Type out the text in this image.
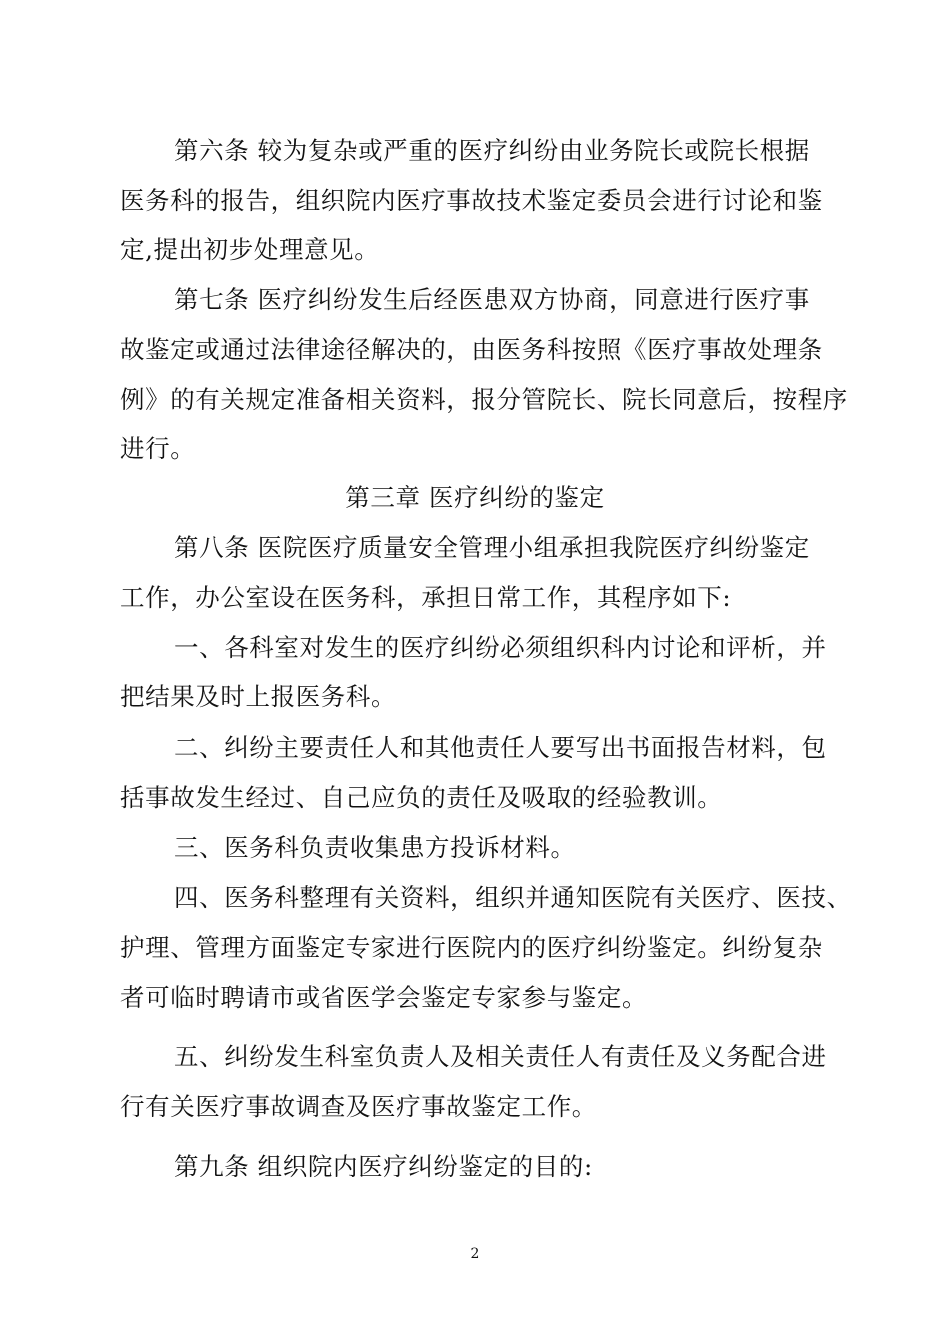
第六条 较为复杂或严重的医疗纠纷由业务院长或院长根据
医务科的报告，组织院内医疗事故技术鉴定委员会进行讨论和鉴
定,提出初步处理意见。
第七条 医疗纠纷发生后经医患双方协商，同意进行医疗事
故鉴定或通过法律途径解决的，由医务科按照《医疗事故处理条
例》的有关规定准备相关资料，报分管院长、院长同意后，按程序
进行。
第三章 医疗纠纷的鉴定
第八条 医院医疗质量安全管理小组承担我院医疗纠纷鉴定
工作，办公室设在医务科，承担日常工作，其程序如下:
一、各科室对发生的医疗纠纷必须组织科内讨论和评析，并
把结果及时上报医务科。
二、纠纷主要责任人和其他责任人要写出书面报告材料，包
括事故发生经过、自己应负的责任及吸取的经验教训。
三、医务科负责收集患方投诉材料。
四、医务科整理有关资料，组织并通知医院有关医疗、医技、
护理、管理方面鉴定专家进行医院内的医疗纠纷鉴定。纠纷复杂
者可临时聘请市或省医学会鉴定专家参与鉴定。
五、纠纷发生科室负责人及相关责任人有责任及义务配合进
行有关医疗事故调查及医疗事故鉴定工作。
第九条 组织院内医疗纠纷鉴定的目的:
2
